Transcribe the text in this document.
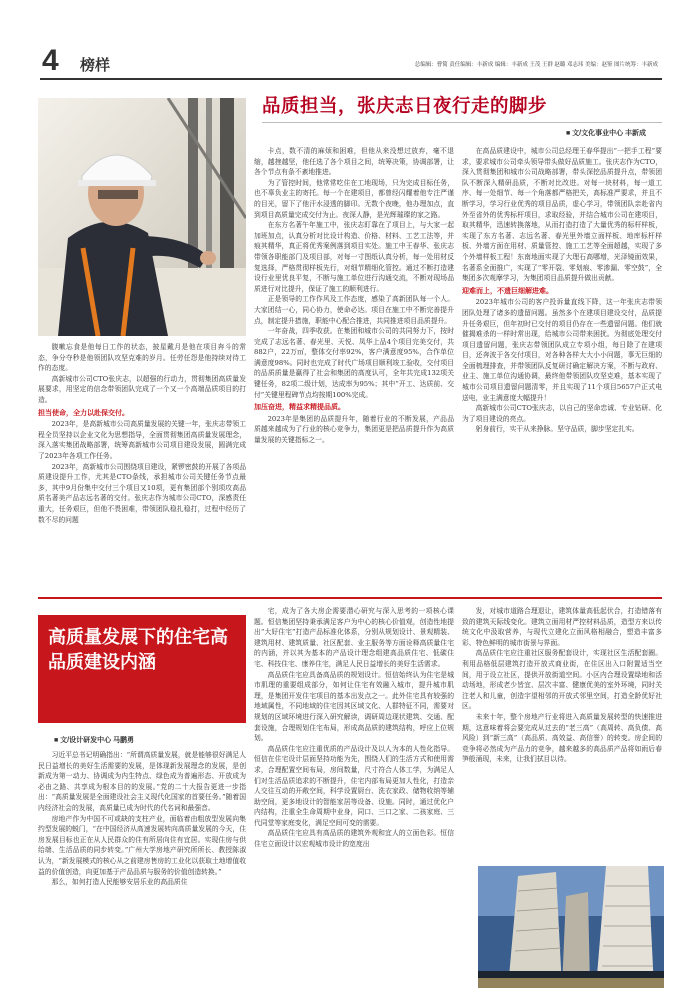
4 榜样	总编辑：曹简 责任编辑：丰新成 编辑：丰新成 王茂 王群 赵璐 邓志玮 美编：赵鉴 图片统筹：丰新成
品质担当，张庆志日夜行走的脚步
■ 文/文化事业中心 丰新成

腹嗽忘食是他每日工作的状态，披星戴月是他在项目奔斗的常态，争分夺秒是他领团队攻坚克难的岁月。任劳任怨是他持续对待工作的态度。

高新城市公司CTO张庆志，以超强的行动力，贯彻集团高质量发展要求，用坚定的信念带领团队完成了一个又一个高端品质项目的打造。

担当使命，全力以赴保交付。

2023年，是高新城市公司高质量发展的关键一年，张庆志带领工程全员坚持以企业文化为思想指导，全面贯彻集团高质量发展理念，深入落实集团战略部署，统筹高新城市公司项目建设发展，圆满完成了2023年各项工作任务。

2023年，高新城市公司围绕项目建设，紧锣密鼓的开展了各项品质建设提升工作，尤其是CTO条线，承担城市公司关键任务节点最多，其中9月份集中交付三个项目又10项，更有集团部个别项攻高品质名著美产品志远名著的交付。张庆志作为城市公司CTO，深感责任重大，任务艰巨，但他不畏困难，带领团队稳扎稳打，过程中经历了数不尽的问题

卡点，数不清的麻烦和困难，但他从来没想过放弃，毫不退缩，越挫越坚，他任选了各个项目之间，统筹决策，协调部署，让各个节点有条不紊地推进。

为了管控时间，他常常吃住在工地现场，只为完成目标任务，也不辜负业主的寄托。每一个在建项目，都曾经闪耀着他专注严谨的目光，留下了他汗水浸透的脚印。无数个夜晚，他办理加点，直到项目高质量完成交付为止。夜深人静，是光辉璀璨的家之路。

在东方名著午年施工中，张庆志盯靠在了项目上，与大家一起加班加点，认真分析对比设计构造、价格、材料、工艺工法等，并痕其精华，真正将优秀案例落到项目实处。施工中王春华、张庆志带领各职能部门及项目部，对每一寸图纸认真分析，每一处用材反复选择，严格贯彻样板先行，对细节精细化管控。通过不断打造建设行业里优良平复，不断与施工单位进行沟通交流，不断对现场品质进行对比提升，保证了施工的顺利进行。

正是领导的工作作风及工作态度，感染了高新团队每一个人。大家团结一心，同心协力，使命必达。项目在施工中不断完善提升点，制定提升措施，职能中心配合推进，共同推进项目品质提升。

一年奋战，四季收获。在集团和城市公司的共同努力下，按时完成了志远名著、春光里、天悦、凤华上品4个项目完美交付，共882户，22万㎡，整体交付率92%，客户满意度95%，合作单位满意度98%。同时也完成了时代广场项目顺利竣工验收，交付项目的品质质量是赢得了社会和集团的高度认可，全年共完成132项关键任务，82项二级计划，达成率为95%；其中“开工、达质前、交付”关键里程碑节点均按期100%完成。

加压奋进，精益求精提品质。

2023年是集团的品质提升年，随着行业的不断发展，产品品质越来越成为了行业的核心竞争力，集团更是把品质提升作为高质量发展的关键指标之一。

在高品质建设中，城市公司总经理王春华提出“一把手工程”要求，要求城市公司牵头领导带头做好品质施工。张庆志作为CTO，深入贯彻集团和城市公司战略部署，带头深挖品质提升点，带领团队不断深入精研品质，不断对比改进。对每一块材料，每一道工序、每一处细节、每一个角落都严格把关，高标准严要求，并且不断学习，学习行业优秀的项目品质，虚心学习，带领团队亲赴省内外至省外的优秀标杆项目，求取经验，并结合城市公司在建项目，取其精华，迅速转换落地，从而打造打造了大量优秀的标杆样板，实现了东方名著、志远名著、春光里外墙立面样板、地库标杆样板、外墙方面在用材、质量管控、施工工艺等全面超越，实现了多个外墙样板工程！东南地面实现了大理石高哪增，光泽镜面效果，名著系全面推广，实现了“零开裂、零划痕、零渗漏、零空鼓”，全集团多次观摩学习，为集团项目品质提升做出贡献。

迎难而上，不遗巨细解进难。

2023年城市公司的客户投诉量直线下降，这一年张庆志带领团队处理了诸多的遗留问题。虽然多个在建项目建设交付，品质提升任务艰巨，但年初时已交付的项目仍存在一些遗留问题。他们就催揭难杀的一样时常出现，给城市公司带来困扰。为彻底处理交付项目遗留问题，张庆志带领团队成立专项小组，每日除了在建项目，还奔波于各交付项目，对各种各样大大小小问题，事无巨细的全面梳理排查，并带领团队反复研讨确定解决方案，不断与政府、业主、施工单位沟通协调，最终他带领团队攻坚克难，基本实现了城市公司项目遗留问题清零，并且实现了11个项目5657户正式电送电，业主满意度大幅提升！

高新城市公司CTO张庆志，以自己的坚命忠诚、专业钻研、化为了项目建设的亮点。

躬身前行，实干从来挣脉。坚守品质，脚步坚定扎实。

高质量发展下的住宅高品质建设内涵
■ 文/设计研发中心 马鹏勇

习近平总书记明确指出：“所谓高质量发展，就是能够很好满足人民日益增长的美好生活需要的发展，是体现新发展理念的发展，是创新成为第一动力、协调成为内生特点、绿色成为普遍形态、开放成为必由之路、共享成为根本目的的发展。”党的二十大报告更进一步指出：“高质量发展是全面建设社会主义现代化国家的首要任务。”随着国内经济社会的发展，高质量已成为时代的代名词和最强音。

房地产作为中国不可或缺的支柱产业，面临着由粗放型发展向集约型发展的蜕门，“在中国经济从高速发展转向高质量发展的今天，住房发展目标也正在从人民群众的住有所居向住有宜居。实现住房与供给端、生活品质的同步转变。”广州大学房地产研究所所长、教授陈淑认为，“新发展模式的核心从之前建房售房的工业化以获取土地增值收益的价值创造，向更加基于产品品质与服务的价值创造转换。”

那么，如何打造人民能够安居乐业的高品质住

宅，成为了各大房企需要潜心研究与深入思考的一项核心课题。恒信集团坚持秉承满足客户为中心的核心价值观，创造性地提出“大好住宅”打造产品标准化体系，分别从规划设计、景观精装、建筑用材、建筑质量、社区配套、业主服务等方面诠释高质量住宅的内涵，并以其为基本的产品设计理念组建高品质住宅、低碳住宅、科技住宅、康养住宅，满足人民日益增长的美好生活需求。

高品质住宅应具备高品质的规划设计。恒信始终认为住宅是城市肌理的重要组成部分，如何让住宅有效融入城市，提升城市肌理，是集团开发住宅项目的基本出发点之一。此外住宅具有较强的地域属性，不同地域的住宅因其区域文化、人群特征不同，需要对规划的区域环境进行深入研究解读，调研周边现状建筑、交通、配套设施，合理规划住宅布局，形成高品质的建筑结构，呼应上位规划。

高品质住宅应注重优质的产品设计及以人为本的人性化指导。恒信在住宅设计层面坚持功能为先，围绕人们的生活方式和使用需求，合理配置空间布局，房间数量，尺寸符合人体工学，为满足人们对生活品质追求的不断提升，住宅内部布局更加人性化，打造亲人交往互动的开敞空间，科学设置厨台、洗衣家政、储物收纳等辅助空间，更多地设计的智能家居等设备、设施。同时，通过优化户内结构，注重全生命周期中业身，同口、三口之家、二孩家庭、三代同堂等家庭变化，满足空间可变的需要。

高品质住宅应具有高品质的建筑外观和宜人的立面色彩。恒信住宅立面设计以宏观城市设计的宽度出

发，对城市道路合理退让，建筑体量高低起伏合，打造错落有致的建筑天际线变化。建筑立面用材严控材料品质，造型方来以传统文化中汲取营养，与现代立建化立面风格相融合，塑造丰富多彩、特色鲜明的城市街景与界面。

高品质住宅应注重社区服务配套设计，实现社区生活配套圈。利用品格低层建筑打造开放式商业街，在住区出入口附置适当空间，用于设立社区，提供开放街道空间。小区内合理设置绿地和活动场地，形成老少皆宜、层次丰富、健康优美的室外环境，同时关注老人和儿童，创造宇望相邻的开放式邻里空间，打造全龄优好社区。

未来十年，整个房地产行业将进入高质量发展转型的快速推进期，这意味着将会要完成从过去的“老三高”（高周转、高负债、高风险）到“新三高”（高品质、高效益、高信誉）的转变。房企间的竞争将必然成为产品力的竞争，越来越多的高品质产品将如雨后春笋般涌现，未来，让我们拭目以待。
